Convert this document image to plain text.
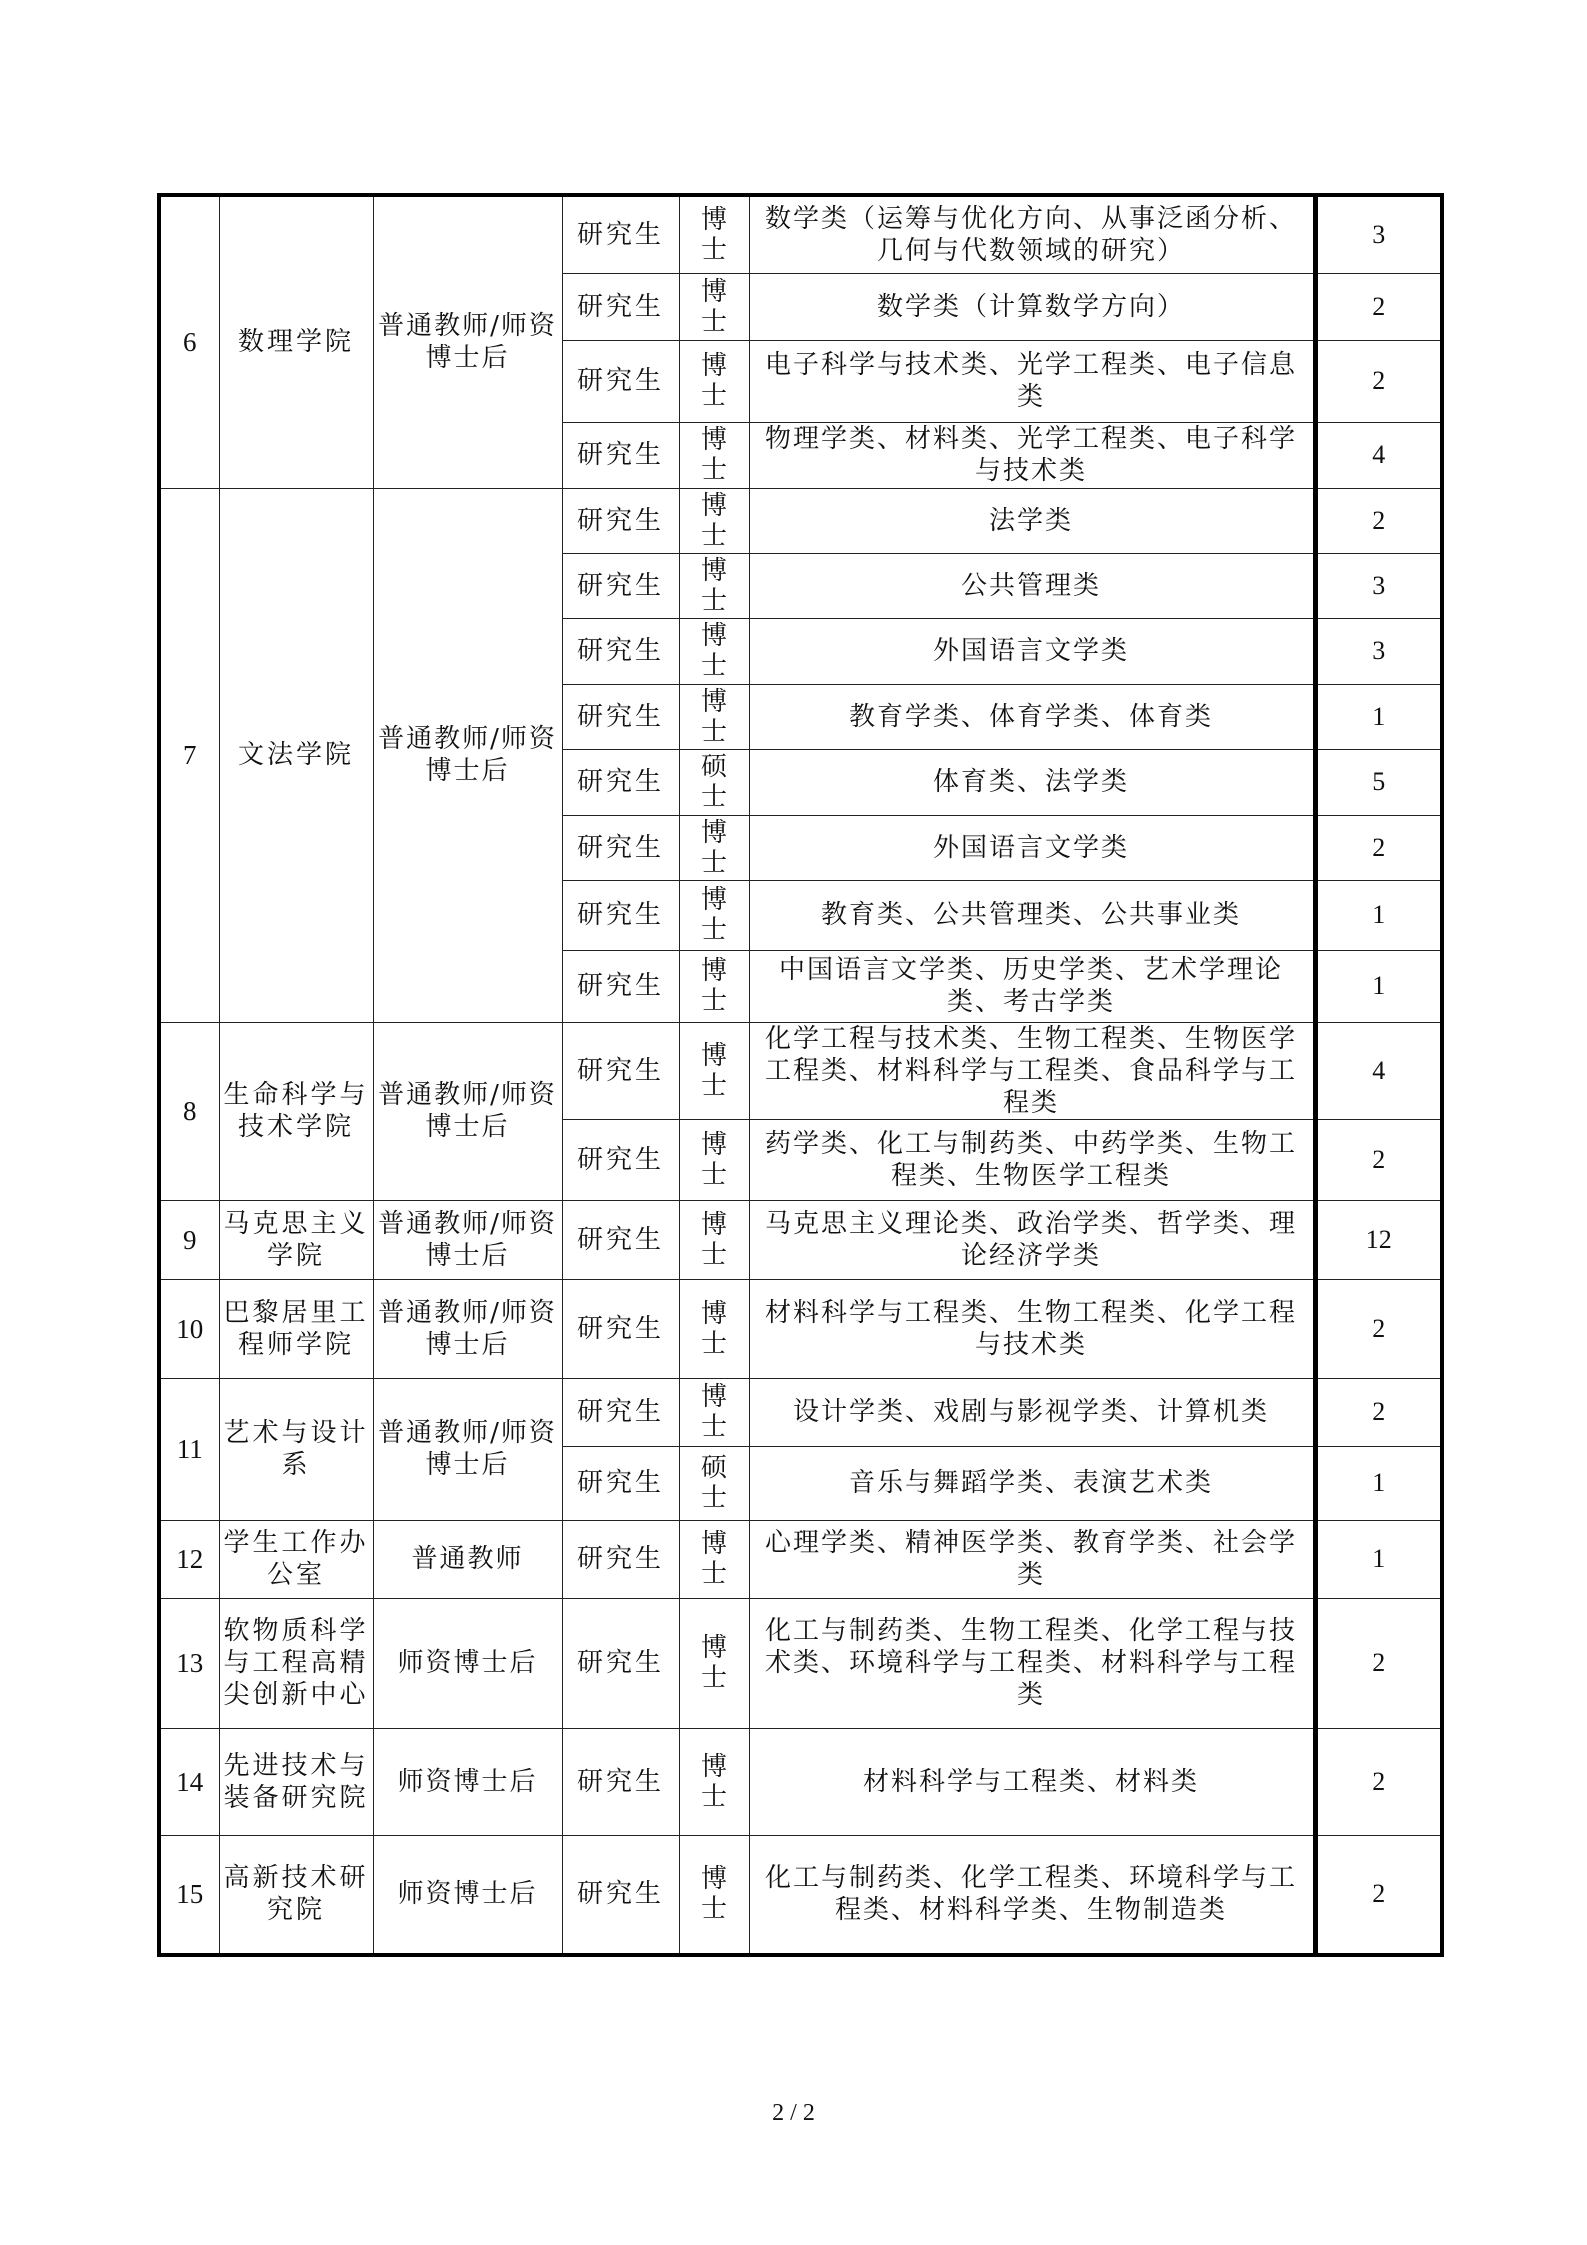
6	数理学院	普通教师/师资博士后	研究生	博士	数学类（运筹与优化方向、从事泛函分析、几何与代数领域的研究）	3
			研究生	博士	数学类（计算数学方向）	2
			研究生	博士	电子科学与技术类、光学工程类、电子信息类	2
			研究生	博士	物理学类、材料类、光学工程类、电子科学与技术类	4
7	文法学院	普通教师/师资博士后	研究生	博士	法学类	2
			研究生	博士	公共管理类	3
			研究生	博士	外国语言文学类	3
			研究生	博士	教育学类、体育学类、体育类	1
			研究生	硕士	体育类、法学类	5
			研究生	博士	外国语言文学类	2
			研究生	博士	教育类、公共管理类、公共事业类	1
			研究生	博士	中国语言文学类、历史学类、艺术学理论类、考古学类	1
8	生命科学与技术学院	普通教师/师资博士后	研究生	博士	化学工程与技术类、生物工程类、生物医学工程类、材料科学与工程类、食品科学与工程类	4
			研究生	博士	药学类、化工与制药类、中药学类、生物工程类、生物医学工程类	2
9	马克思主义学院	普通教师/师资博士后	研究生	博士	马克思主义理论类、政治学类、哲学类、理论经济学类	12
10	巴黎居里工程师学院	普通教师/师资博士后	研究生	博士	材料科学与工程类、生物工程类、化学工程与技术类	2
11	艺术与设计系	普通教师/师资博士后	研究生	博士	设计学类、戏剧与影视学类、计算机类	2
			研究生	硕士	音乐与舞蹈学类、表演艺术类	1
12	学生工作办公室	普通教师	研究生	博士	心理学类、精神医学类、教育学类、社会学类	1
13	软物质科学与工程高精尖创新中心	师资博士后	研究生	博士	化工与制药类、生物工程类、化学工程与技术类、环境科学与工程类、材料科学与工程类	2
14	先进技术与装备研究院	师资博士后	研究生	博士	材料科学与工程类、材料类	2
15	高新技术研究院	师资博士后	研究生	博士	化工与制药类、化学工程类、环境科学与工程类、材料科学类、生物制造类	2
2 / 2
